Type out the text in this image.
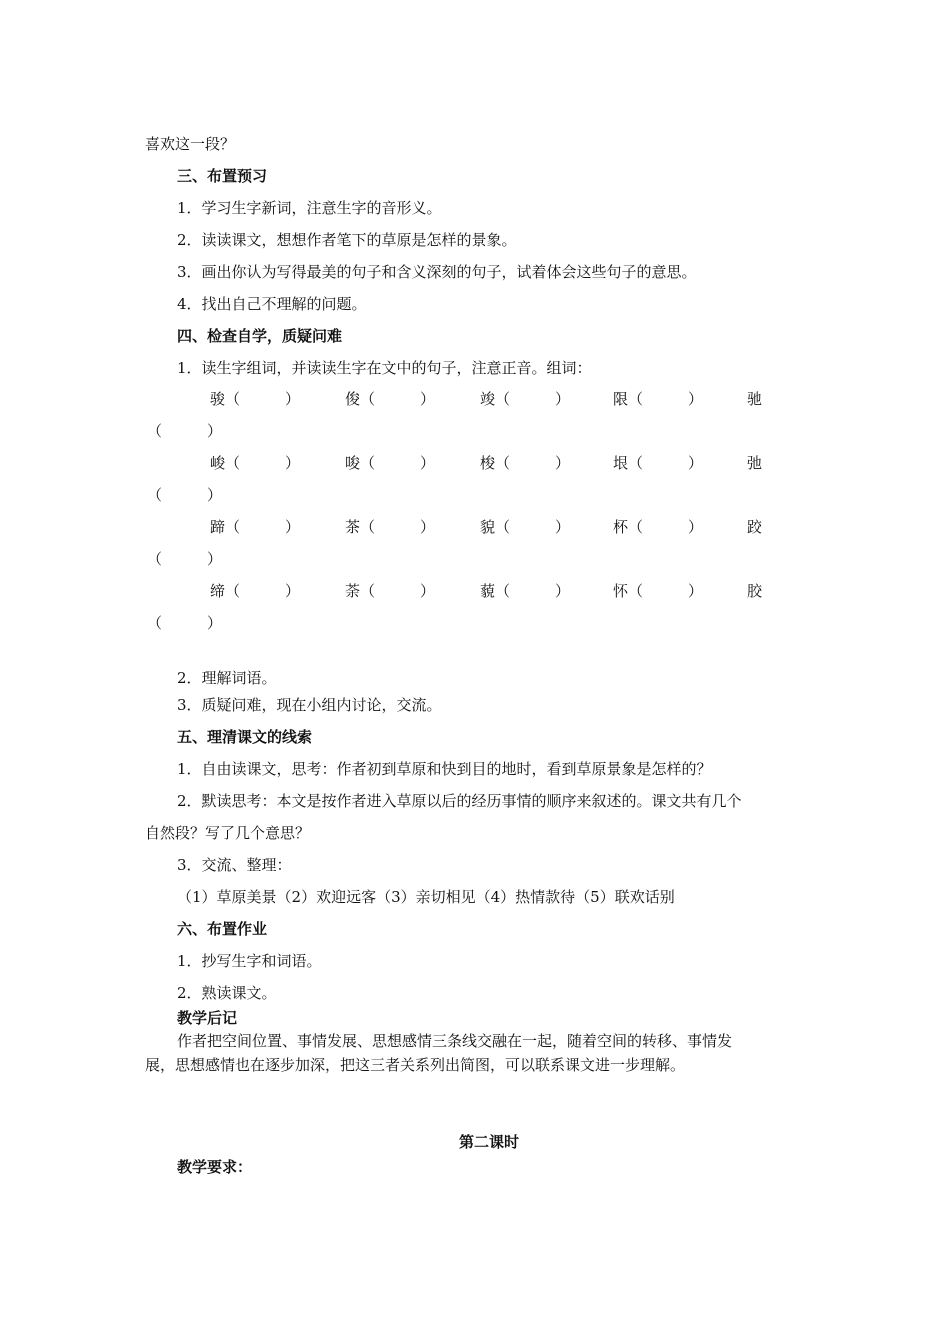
喜欢这一段？
三、布置预习
1．学习生字新词，注意生字的音形义。
2．读读课文，想想作者笔下的草原是怎样的景象。
3．画出你认为写得最美的句子和含义深刻的句子，试着体会这些句子的意思。
4．找出自己不理解的问题。
四、检查自学，质疑问难
1．读生字组词，并读读生字在文中的句子，注意正音。组词：
骏（　　　）	俊（　　　）	竣（　　　）	限（　　　）	驰
（　　　）
峻（　　　）	唆（　　　）	梭（　　　）	垠（　　　）	弛
（　　　）
蹄（　　　）	茶（　　　）	貌（　　　）	杯（　　　）	跤
（　　　）
缔（　　　）	荼（　　　）	藐（　　　）	怀（　　　）	胶
（　　　）
2．理解词语。
3．质疑问难，现在小组内讨论，交流。
五、理清课文的线索
1．自由读课文，思考：作者初到草原和快到目的地时，看到草原景象是怎样的？
2．默读思考：本文是按作者进入草原以后的经历事情的顺序来叙述的。课文共有几个
自然段？写了几个意思？
3．交流、整理：
（1）草原美景（2）欢迎远客（3）亲切相见（4）热情款待（5）联欢话别
六、布置作业
1．抄写生字和词语。
2．熟读课文。
教学后记
作者把空间位置、事情发展、思想感情三条线交融在一起，随着空间的转移、事情发
展，思想感情也在逐步加深，把这三者关系列出简图，可以联系课文进一步理解。
第二课时
教学要求：
